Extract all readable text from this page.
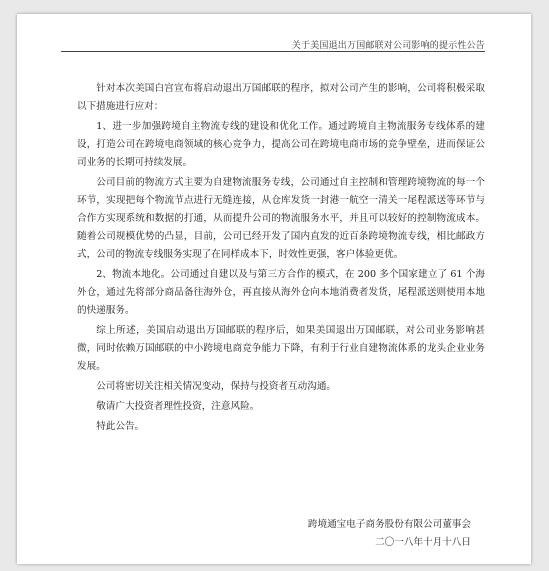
关于美国退出万国邮联对公司影响的提示性公告

针对本次美国白宫宣布将启动退出万国邮联的程序，拟对公司产生的影响，公司将积极采取以下措施进行应对：

1、进一步加强跨境自主物流专线的建设和优化工作。通过跨境自主物流服务专线体系的建设，打造公司在跨境电商领域的核心竞争力，提高公司在跨境电商市场的竞争壁垒，进而保证公司业务的长期可持续发展。

公司目前的物流方式主要为自建物流服务专线，公司通过自主控制和管理跨境物流的每一个环节，实现把每个物流节点进行无缝连接，从仓库发货一封港一航空一清关一尾程派送等环节与合作方实现系统和数据的打通，从而提升公司的物流服务水平，并且可以较好的控制物流成本。随着公司规模优势的凸显，目前，公司已经开发了国内直发的近百条跨境物流专线，相比邮政方式，公司的物流专线服务实现了在同样成本下，时效性更强，客户体验更优。

2、物流本地化。公司通过自建以及与第三方合作的模式，在 200 多个国家建立了 61 个海外仓，通过先将部分商品备往海外仓，再直接从海外仓向本地消费者发货，尾程派送则使用本地的快递服务。

综上所述，美国启动退出万国邮联的程序后，如果美国退出万国邮联，对公司业务影响甚微，同时依赖万国邮联的中小跨境电商竞争能力下降，有利于行业自建物流体系的龙头企业业务发展。

公司将密切关注相关情况变动，保持与投资者互动沟通。

敬请广大投资者理性投资，注意风险。

特此公告。

跨境通宝电子商务股份有限公司董事会
二〇一八年十月十八日
